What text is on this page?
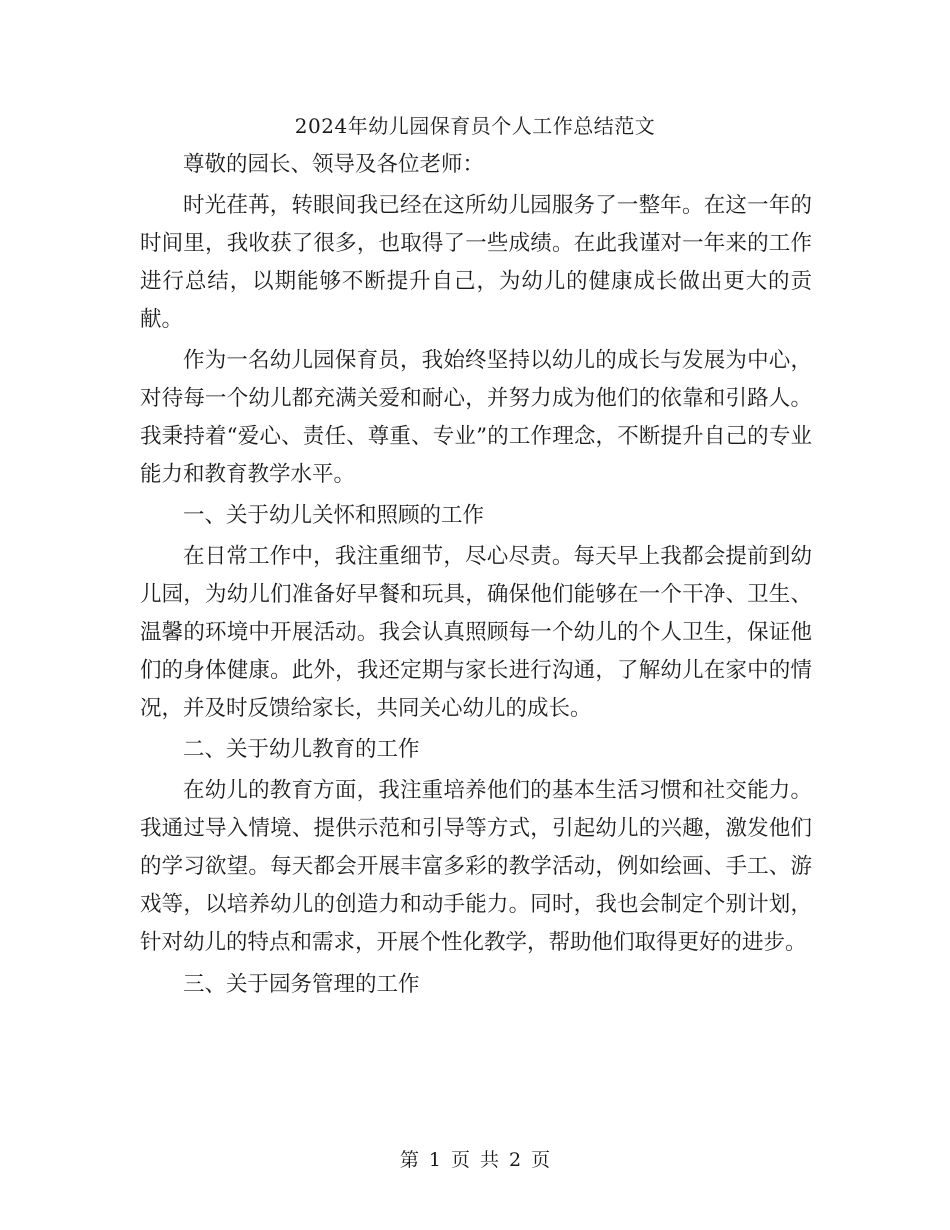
2024年幼儿园保育员个人工作总结范文

尊敬的园长、领导及各位老师：

时光荏苒，转眼间我已经在这所幼儿园服务了一整年。在这一年的时间里，我收获了很多，也取得了一些成绩。在此我谨对一年来的工作进行总结，以期能够不断提升自己，为幼儿的健康成长做出更大的贡献。

作为一名幼儿园保育员，我始终坚持以幼儿的成长与发展为中心，对待每一个幼儿都充满关爱和耐心，并努力成为他们的依靠和引路人。我秉持着“爱心、责任、尊重、专业”的工作理念，不断提升自己的专业能力和教育教学水平。

一、关于幼儿关怀和照顾的工作

在日常工作中，我注重细节，尽心尽责。每天早上我都会提前到幼儿园，为幼儿们准备好早餐和玩具，确保他们能够在一个干净、卫生、温馨的环境中开展活动。我会认真照顾每一个幼儿的个人卫生，保证他们的身体健康。此外，我还定期与家长进行沟通，了解幼儿在家中的情况，并及时反馈给家长，共同关心幼儿的成长。

二、关于幼儿教育的工作

在幼儿的教育方面，我注重培养他们的基本生活习惯和社交能力。我通过导入情境、提供示范和引导等方式，引起幼儿的兴趣，激发他们的学习欲望。每天都会开展丰富多彩的教学活动，例如绘画、手工、游戏等，以培养幼儿的创造力和动手能力。同时，我也会制定个别计划，针对幼儿的特点和需求，开展个性化教学，帮助他们取得更好的进步。

三、关于园务管理的工作

第 1 页 共 2 页
